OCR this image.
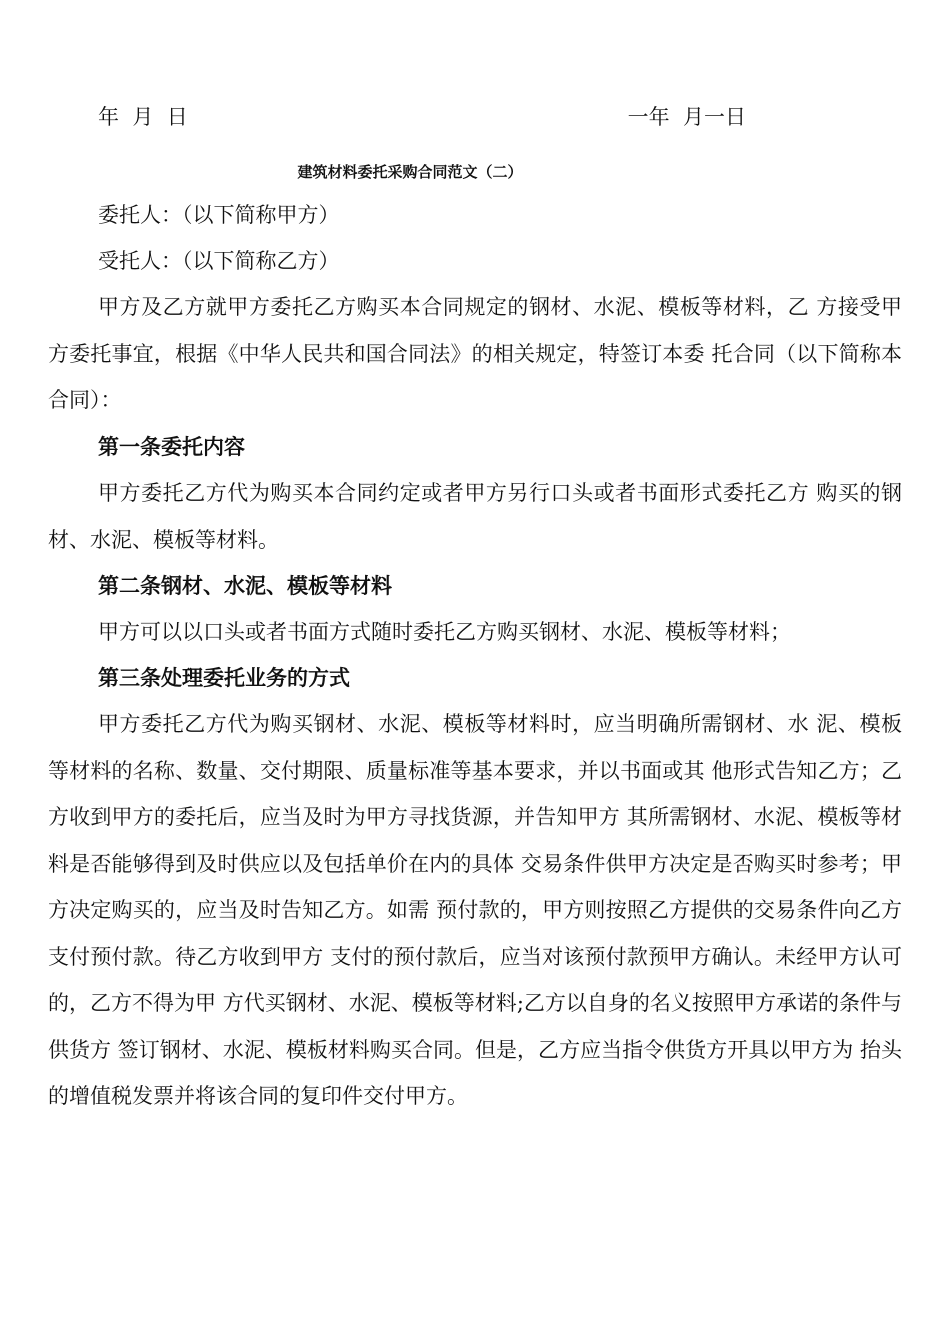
年  月  日	一年  月一日
建筑材料委托采购合同范文（二）
委托人：（以下简称甲方）
受托人：（以下简称乙方）

甲方及乙方就甲方委托乙方购买本合同规定的钢材、水泥、模板等材料，乙 方接受甲方委托事宜，根据《中华人民共和国合同法》的相关规定，特签订本委 托合同（以下简称本合同）：

第一条委托内容

甲方委托乙方代为购买本合同约定或者甲方另行口头或者书面形式委托乙方 购买的钢材、水泥、模板等材料。

第二条钢材、水泥、模板等材料

甲方可以以口头或者书面方式随时委托乙方购买钢材、水泥、模板等材料；

第三条处理委托业务的方式

甲方委托乙方代为购买钢材、水泥、模板等材料时，应当明确所需钢材、水 泥、模板等材料的名称、数量、交付期限、质量标准等基本要求，并以书面或其 他形式告知乙方；乙方收到甲方的委托后，应当及时为甲方寻找货源，并告知甲方 其所需钢材、水泥、模板等材料是否能够得到及时供应以及包括单价在内的具体 交易条件供甲方决定是否购买时参考；甲方决定购买的，应当及时告知乙方。如需 预付款的，甲方则按照乙方提供的交易条件向乙方支付预付款。待乙方收到甲方 支付的预付款后，应当对该预付款预甲方确认。未经甲方认可的，乙方不得为甲 方代买钢材、水泥、模板等材料;乙方以自身的名义按照甲方承诺的条件与供货方 签订钢材、水泥、模板材料购买合同。但是，乙方应当指令供货方开具以甲方为 抬头的增值税发票并将该合同的复印件交付甲方。
